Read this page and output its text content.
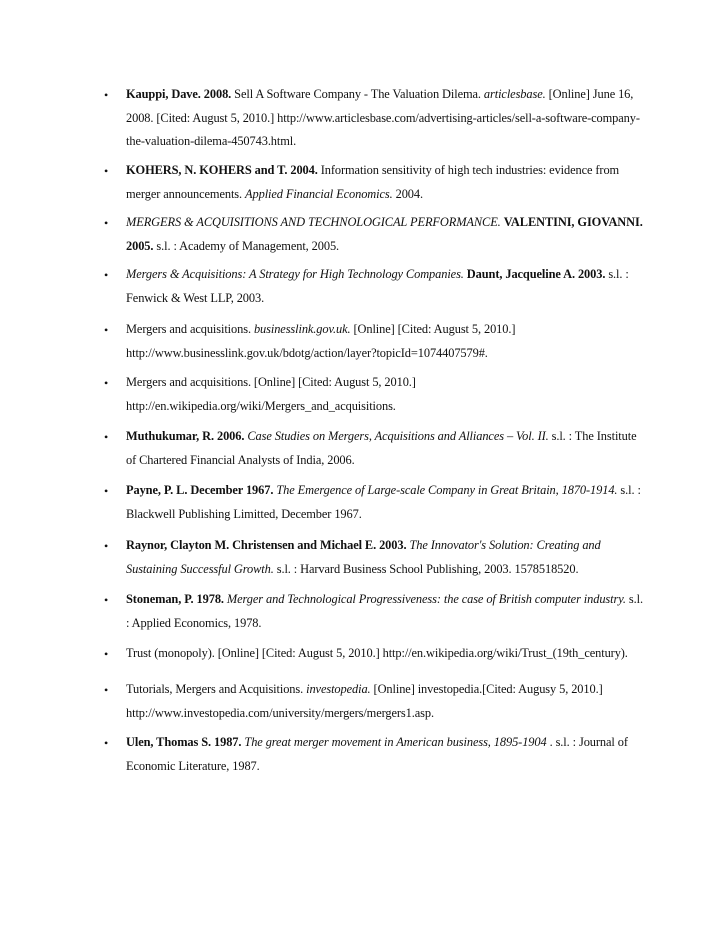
•
Kauppi, Dave. 2008. Sell A Software Company - The Valuation Dilema. articlesbase. [Online] June 16, 2008. [Cited: August 5, 2010.] http://www.articlesbase.com/advertising-articles/sell-a-software-company-the-valuation-dilema-450743.html.
•
KOHERS, N. KOHERS and T. 2004. Information sensitivity of high tech industries: evidence from merger announcements. Applied Financial Economics. 2004.
•
MERGERS & ACQUISITIONS AND TECHNOLOGICAL PERFORMANCE. VALENTINI, GIOVANNI. 2005. s.l. : Academy of Management, 2005.
•
Mergers & Acquisitions: A Strategy for High Technology Companies. Daunt, Jacqueline A. 2003. s.l. : Fenwick & West LLP, 2003.
•
Mergers and acquisitions. businesslink.gov.uk. [Online] [Cited: August 5, 2010.] http://www.businesslink.gov.uk/bdotg/action/layer?topicId=1074407579#.
•
Mergers and acquisitions. [Online] [Cited: August 5, 2010.] http://en.wikipedia.org/wiki/Mergers_and_acquisitions.
•
Muthukumar, R. 2006. Case Studies on Mergers, Acquisitions and Alliances – Vol. II. s.l. : The Institute of Chartered Financial Analysts of India, 2006.
•
Payne, P. L. December 1967. The Emergence of Large-scale Company in Great Britain, 1870-1914. s.l. : Blackwell Publishing Limitted, December 1967.
•
Raynor, Clayton M. Christensen and Michael E. 2003. The Innovator's Solution: Creating and Sustaining Successful Growth. s.l. : Harvard Business School Publishing, 2003. 1578518520.
•
Stoneman, P. 1978. Merger and Technological Progressiveness: the case of British computer industry. s.l. : Applied Economics, 1978.
•
Trust (monopoly). [Online] [Cited: August 5, 2010.] http://en.wikipedia.org/wiki/Trust_(19th_century).
•
Tutorials, Mergers and Acquisitions. investopedia. [Online] investopedia.[Cited: Augusy 5, 2010.] http://www.investopedia.com/university/mergers/mergers1.asp.
•
Ulen, Thomas S. 1987. The great merger movement in American business, 1895-1904 . s.l. : Journal of Economic Literature, 1987.
